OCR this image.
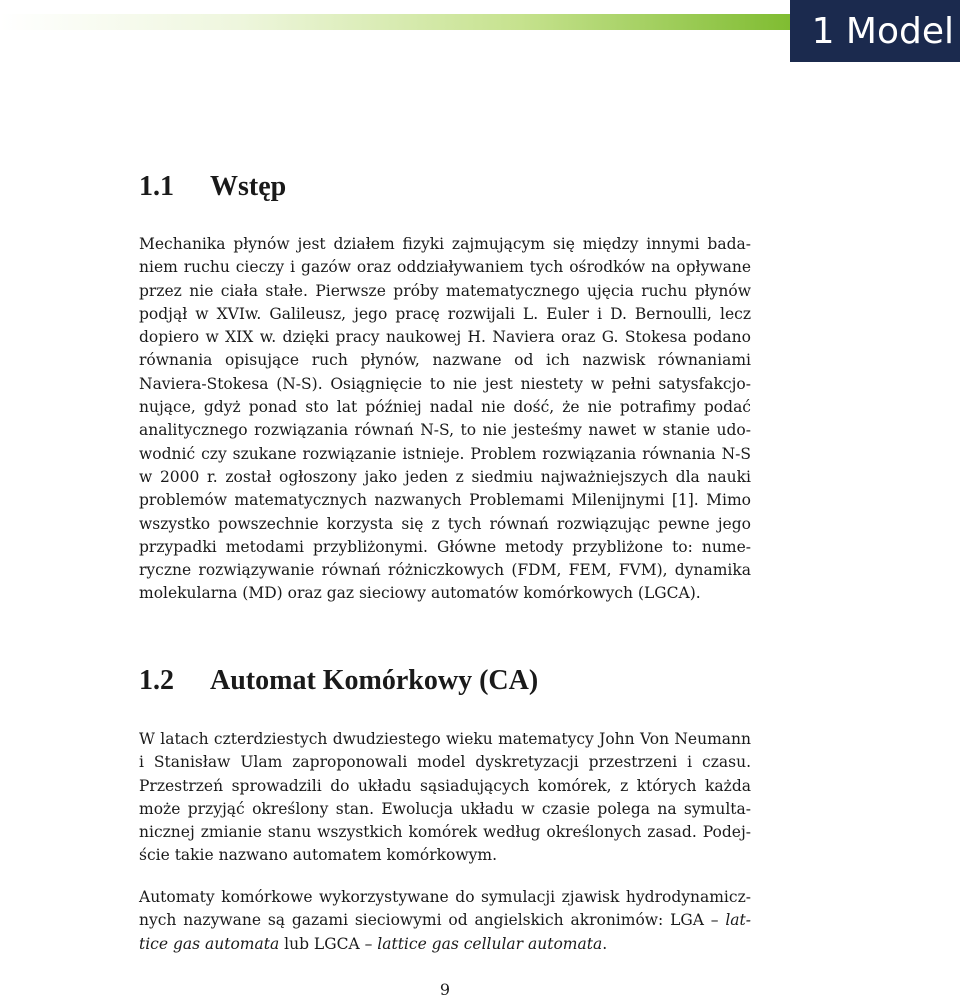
1 Model
1.1 Wstęp

Mechanika płynów jest działem fizyki zajmującym się między innymi badaniem ruchu cieczy i gazów oraz oddziaływaniem tych ośrodków na opływane przez nie ciała stałe. Pierwsze próby matematycznego ujęcia ruchu płynów podjął w XVIw. Galileusz, jego pracę rozwijali L. Euler i D. Bernoulli, lecz dopiero w XIX w. dzięki pracy naukowej H. Naviera oraz G. Stokesa podano równania opisujące ruch płynów, nazwane od ich nazwisk równaniami Naviera-Stokesa (N-S). Osiągnięcie to nie jest niestety w pełni satysfakcjonujące, gdyż ponad sto lat później nadal nie dość, że nie potrafimy podać analitycznego rozwiązania równań N-S, to nie jesteśmy nawet w stanie udowodnić czy szukane rozwiązanie istnieje. Problem rozwiązania równania N-S w 2000 r. został ogłoszony jako jeden z siedmiu najważniejszych dla nauki problemów matematycznych nazwanych Problemami Milenijnymi [1]. Mimo wszystko powszechnie korzysta się z tych równań rozwiązując pewne jego przypadki metodami przybliżonymi. Główne metody przybliżone to: numeryczne rozwiązywanie równań różniczkowych (FDM, FEM, FVM), dynamika molekularna (MD) oraz gaz sieciowy automatów komórkowych (LGCA).

1.2 Automat Komórkowy (CA)

W latach czterdziestych dwudziestego wieku matematycy John Von Neumann i Stanisław Ulam zaproponowali model dyskretyzacji przestrzeni i czasu. Przestrzeń sprowadzili do układu sąsiadujących komórek, z których każda może przyjąć określony stan. Ewolucja układu w czasie polega na symultanicznej zmianie stanu wszystkich komórek według określonych zasad. Podejście takie nazwano automatem komórkowym.

Automaty komórkowe wykorzystywane do symulacji zjawisk hydrodynamicznych nazywane są gazami sieciowymi od angielskich akronimów: LGA – lattice gas automata lub LGCA – lattice gas cellular automata.

9
